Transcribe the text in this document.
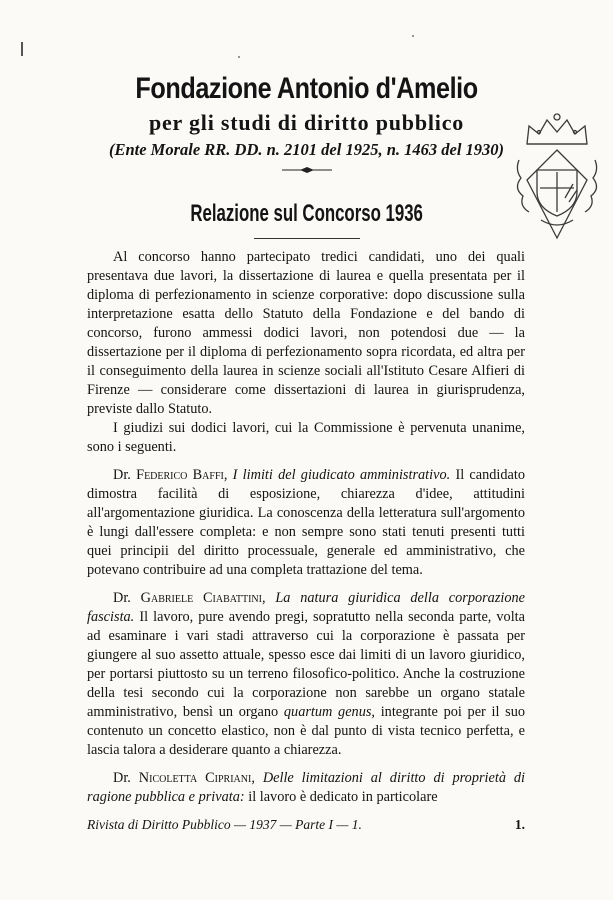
Fondazione Antonio d'Amelio
per gli studi di diritto pubblico
(Ente Morale RR. DD. n. 2101 del 1925, n. 1463 del 1930)
Relazione sul Concorso 1936

Al concorso hanno partecipato tredici candidati, uno dei quali presentava due lavori, la dissertazione di laurea e quella presentata per il diploma di perfezionamento in scienze corporative: dopo discussione sulla interpretazione esatta dello Statuto della Fondazione e del bando di concorso, furono ammessi dodici lavori, non potendosi due — la dissertazione per il diploma di perfezionamento sopra ricordata, ed altra per il conseguimento della laurea in scienze sociali all'Istituto Cesare Alfieri di Firenze — considerare come dissertazioni di laurea in giurisprudenza, previste dallo Statuto.

I giudizi sui dodici lavori, cui la Commissione è pervenuta unanime, sono i seguenti.

Dr. Federico Baffi, I limiti del giudicato amministrativo. Il candidato dimostra facilità di esposizione, chiarezza d'idee, attitudini all'argomentazione giuridica. La conoscenza della letteratura sull'argomento è lungi dall'essere completa: e non sempre sono stati tenuti presenti tutti quei principii del diritto processuale, generale ed amministrativo, che potevano contribuire ad una completa trattazione del tema.

Dr. Gabriele Ciabattini, La natura giuridica della corporazione fascista. Il lavoro, pure avendo pregi, sopratutto nella seconda parte, volta ad esaminare i vari stadi attraverso cui la corporazione è passata per giungere al suo assetto attuale, spesso esce dai limiti di un lavoro giuridico, per portarsi piuttosto su un terreno filosofico-politico. Anche la costruzione della tesi secondo cui la corporazione non sarebbe un organo statale amministrativo, bensì un organo quartum genus, integrante poi per il suo contenuto un concetto elastico, non è dal punto di vista tecnico perfetta, e lascia talora a desiderare quanto a chiarezza.

Dr. Nicoletta Cipriani, Delle limitazioni al diritto di proprietà di ragione pubblica e privata: il lavoro è dedicato in particolare

Rivista di Diritto Pubblico — 1937 — Parte I — 1.	1.
